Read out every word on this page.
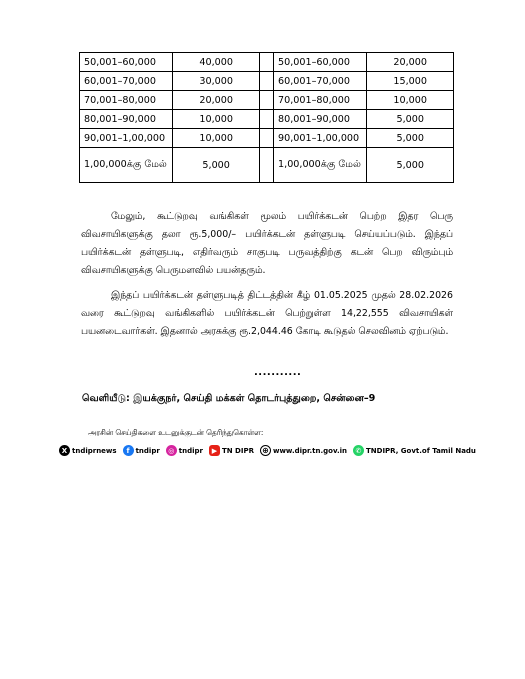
50,001–60,000	40,000		50,001–60,000	20,000
60,001–70,000	30,000		60,001–70,000	15,000
70,001–80,000	20,000		70,001–80,000	10,000
80,001–90,000	10,000		80,001–90,000	5,000
90,001–1,00,000	10,000		90,001–1,00,000	5,000
1,00,000க்கு மேல்	5,000		1,00,000க்கு மேல்	5,000
மேலும், கூட்டுறவு வங்கிகள் மூலம் பயிர்க்கடன் பெற்ற இதர பெரு விவசாயிகளுக்கு தலா ரூ.5,000/– பயிர்க்கடன் தள்ளுபடி செய்யப்படும். இந்தப் பயிர்க்கடன் தள்ளுபடி, எதிர்வரும் சாகுபடி பருவத்திற்கு கடன் பெற விரும்பும் விவசாயிகளுக்கு பெருமளவில் பயன்தரும்.
இந்தப் பயிர்க்கடன் தள்ளுபடித் திட்டத்தின் கீழ் 01.05.2025 முதல் 28.02.2026 வரை கூட்டுறவு வங்கிகளில் பயிர்க்கடன் பெற்றுள்ள 14,22,555 விவசாயிகள் பயனடைவார்கள். இதனால் அரசுக்கு ரூ.2,044.46 கோடி கூடுதல் செலவினம் ஏற்படும்.
...........
வெளியீடு: இயக்குநர், செய்தி மக்கள் தொடர்புத்துறை, சென்னை–9
அரசின் செய்திகளை உடனுக்குடன் தெரிந்துகொள்ள:
X tndiprnews	f tndipr	◎ tndipr	▶ TN DIPR ⊕ www.dipr.tn.gov.in	✆ TNDIPR, Govt.of Tamil Nadu
